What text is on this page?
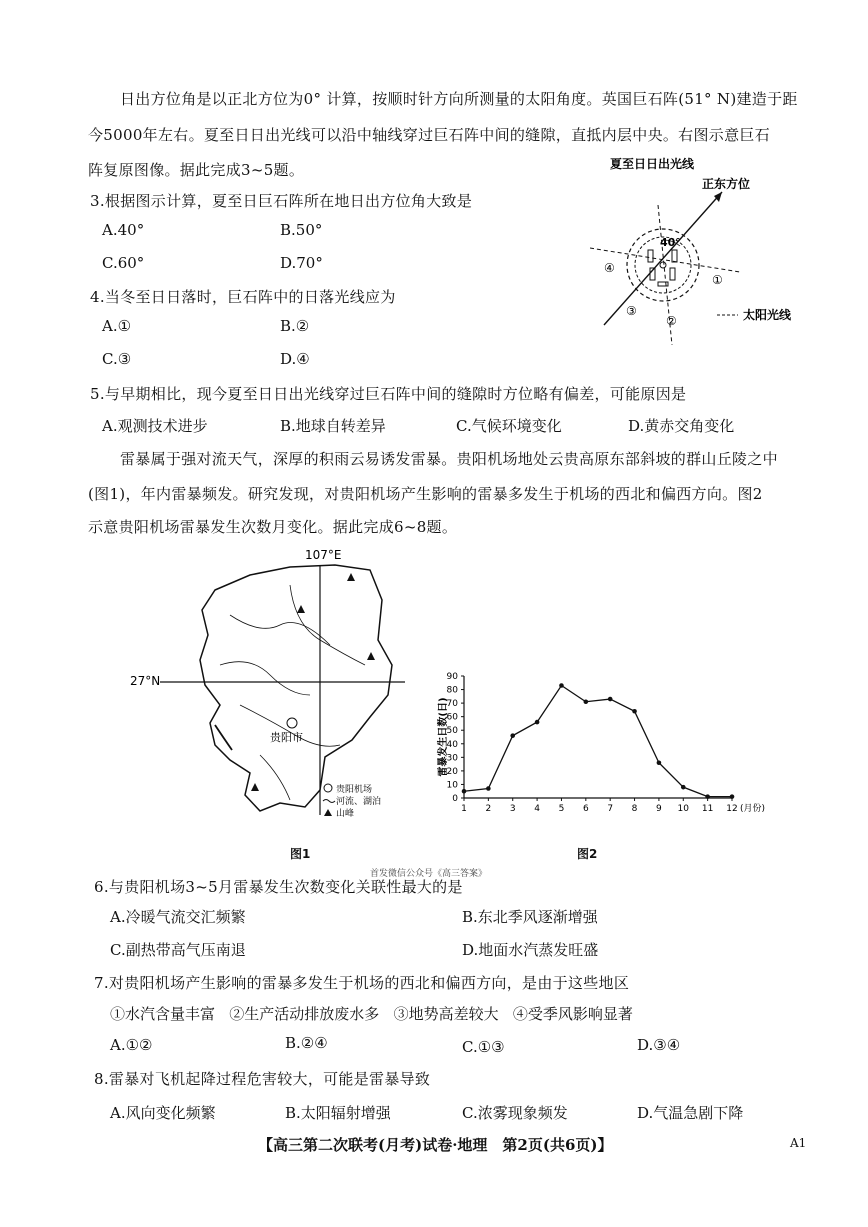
日出方位角是以正北方位为0° 计算，按顺时针方向所测量的太阳角度。英国巨石阵(51° N)建造于距
今5000年左右。夏至日日出光线可以沿中轴线穿过巨石阵中间的缝隙，直抵内层中央。右图示意巨石
阵复原图像。据此完成3~5题。
3.根据图示计算，夏至日巨石阵所在地日出方位角大致是
A.40°	B.50°
C.60°	D.70°
4.当冬至日日落时，巨石阵中的日落光线应为
A.①	B.②
C.③	D.④
夏至日日出光线
正东方位
40°
④
①
③
②	太阳光线
5.与早期相比，现今夏至日日出光线穿过巨石阵中间的缝隙时方位略有偏差，可能原因是
A.观测技术进步	B.地球自转差异	C.气候环境变化	D.黄赤交角变化
雷暴属于强对流天气，深厚的积雨云易诱发雷暴。贵阳机场地处云贵高原东部斜坡的群山丘陵之中
(图1)，年内雷暴频发。研究发现，对贵阳机场产生影响的雷暴多发生于机场的西北和偏西方向。图2
示意贵阳机场雷暴发生次数月变化。据此完成6~8题。
107°E
27°N
贵阳市
贵阳机场
河流、湖泊
山峰
图1
0
10
20
30
40
50
60
70
80
90
1 2 3 4 5 6 7 8 9 10 11 12 (月份)
雷暴发生日数(日)
图2
首发微信公众号《高三答案》
6.与贵阳机场3~5月雷暴发生次数变化关联性最大的是
A.冷暖气流交汇频繁	B.东北季风逐渐增强
C.副热带高气压南退	D.地面水汽蒸发旺盛
7.对贵阳机场产生影响的雷暴多发生于机场的西北和偏西方向，是由于这些地区
①水汽含量丰富   ②生产活动排放废水多   ③地势高差较大   ④受季风影响显著
A.①②	B.②④	C.①③	D.③④
8.雷暴对飞机起降过程危害较大，可能是雷暴导致
A.风向变化频繁	B.太阳辐射增强	C.浓雾现象频发	D.气温急剧下降
【高三第二次联考(月考)试卷·地理　第2页(共6页)】	A1
